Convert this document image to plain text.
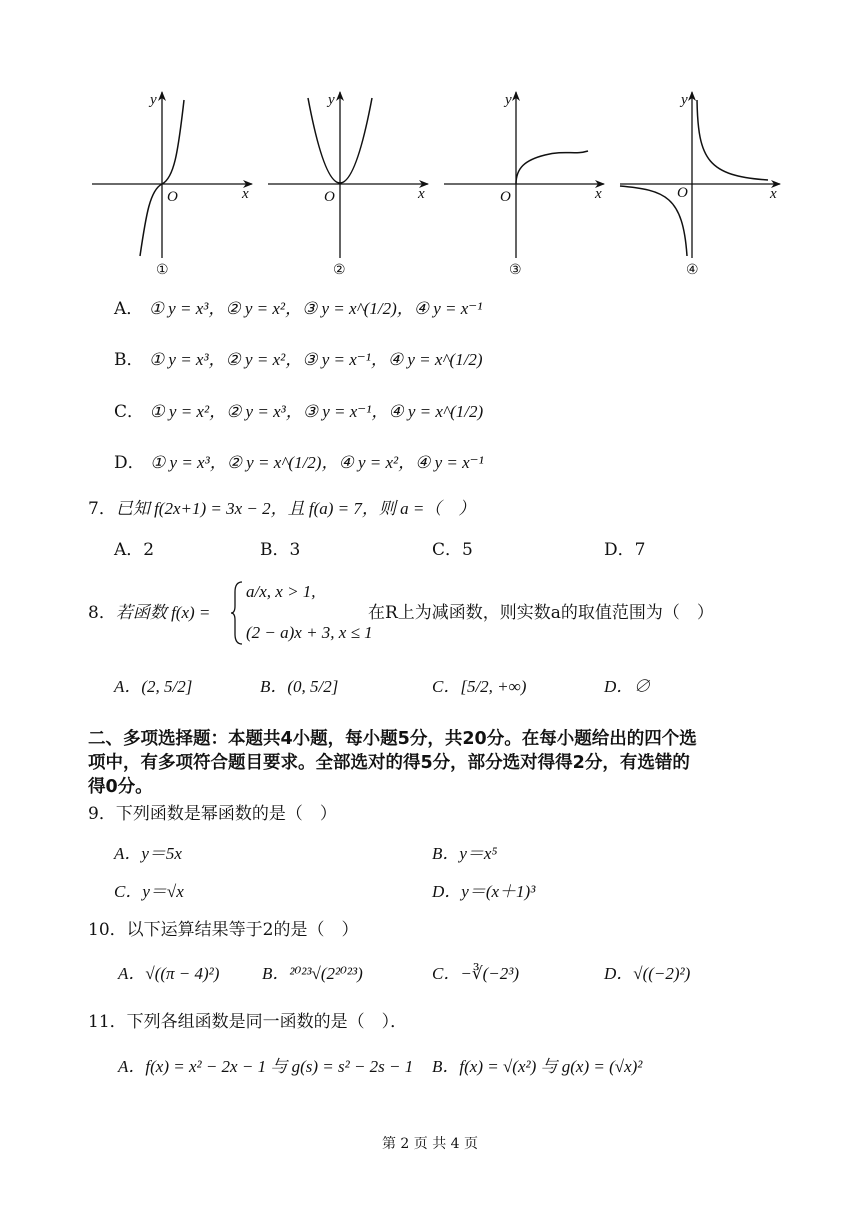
y
x
O
①
y
x
O
②
y
x
O
③
y
x
O
④
A． ① y = x³，② y = x²，③ y = x^(1/2)，④ y = x⁻¹
B． ① y = x³，② y = x²，③ y = x⁻¹，④ y = x^(1/2)
C． ① y = x²，② y = x³，③ y = x⁻¹，④ y = x^(1/2)
D． ① y = x³，② y = x^(1/2)，④ y = x²，④ y = x⁻¹
7．已知 f(2x+1) = 3x − 2，且 f(a) = 7，则 a =（　）
A．2	B．3	C．5	D．7
8．若函数 f(x) =
a/x, x > 1,
(2 − a)x + 3, x ≤ 1
在R上为减函数，则实数a的取值范围为（　）
A．(2, 5/2]	B．(0, 5/2]	C．[5/2, +∞)	D．∅
二、多项选择题：本题共4小题，每小题5分，共20分。在每小题给出的四个选
项中，有多项符合题目要求。全部选对的得5分，部分选对得得2分，有选错的
得0分。
9．下列函数是幂函数的是（　）
A．y＝5x	B．y＝x⁵
C．y＝√x	D．y＝(x＋1)³
10．以下运算结果等于2的是（　）
A．√((π − 4)²)	B．²⁰²³√(2²⁰²³)	C．−∛(−2³)	D．√((−2)²)
11．下列各组函数是同一函数的是（　）．
A．f(x) = x² − 2x − 1 与 g(s) = s² − 2s − 1 B．f(x) = √(x²) 与 g(x) = (√x)²
第 2 页 共 4 页
